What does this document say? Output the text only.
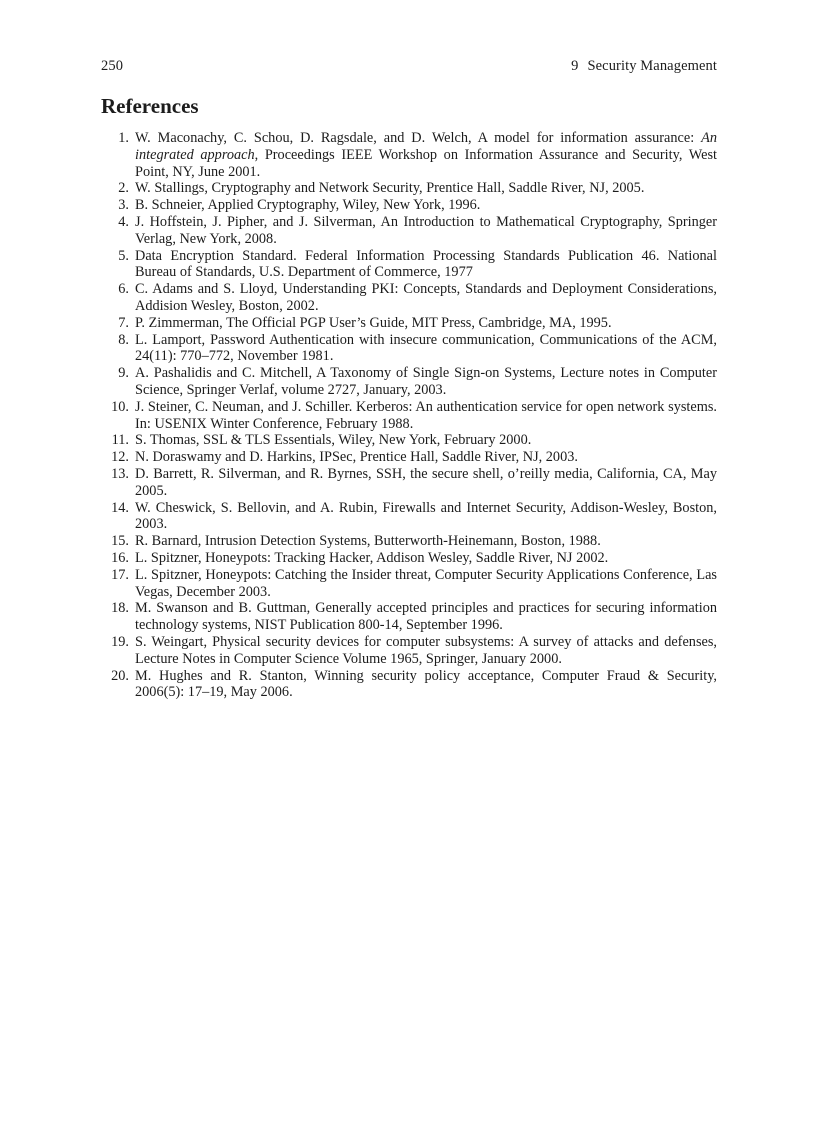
250	9 Security Management
References
1. W. Maconachy, C. Schou, D. Ragsdale, and D. Welch, A model for information assurance: An integrated approach, Proceedings IEEE Workshop on Information Assurance and Security, West Point, NY, June 2001.
2. W. Stallings, Cryptography and Network Security, Prentice Hall, Saddle River, NJ, 2005.
3. B. Schneier, Applied Cryptography, Wiley, New York, 1996.
4. J. Hoffstein, J. Pipher, and J. Silverman, An Introduction to Mathematical Cryptography, Springer Verlag, New York, 2008.
5. Data Encryption Standard. Federal Information Processing Standards Publication 46. National Bureau of Standards, U.S. Department of Commerce, 1977
6. C. Adams and S. Lloyd, Understanding PKI: Concepts, Standards and Deployment Considerations, Addision Wesley, Boston, 2002.
7. P. Zimmerman, The Official PGP User’s Guide, MIT Press, Cambridge, MA, 1995.
8. L. Lamport, Password Authentication with insecure communication, Communications of the ACM, 24(11): 770–772, November 1981.
9. A. Pashalidis and C. Mitchell, A Taxonomy of Single Sign-on Systems, Lecture notes in Computer Science, Springer Verlaf, volume 2727, January, 2003.
10. J. Steiner, C. Neuman, and J. Schiller. Kerberos: An authentication service for open network systems. In: USENIX Winter Conference, February 1988.
11. S. Thomas, SSL & TLS Essentials, Wiley, New York, February 2000.
12. N. Doraswamy and D. Harkins, IPSec, Prentice Hall, Saddle River, NJ, 2003.
13. D. Barrett, R. Silverman, and R. Byrnes, SSH, the secure shell, o’reilly media, California, CA, May 2005.
14. W. Cheswick, S. Bellovin, and A. Rubin, Firewalls and Internet Security, Addison-Wesley, Boston, 2003.
15. R. Barnard, Intrusion Detection Systems, Butterworth-Heinemann, Boston, 1988.
16. L. Spitzner, Honeypots: Tracking Hacker, Addison Wesley, Saddle River, NJ 2002.
17. L. Spitzner, Honeypots: Catching the Insider threat, Computer Security Applications Conference, Las Vegas, December 2003.
18. M. Swanson and B. Guttman, Generally accepted principles and practices for securing information technology systems, NIST Publication 800-14, September 1996.
19. S. Weingart, Physical security devices for computer subsystems: A survey of attacks and defenses, Lecture Notes in Computer Science Volume 1965, Springer, January 2000.
20. M. Hughes and R. Stanton, Winning security policy acceptance, Computer Fraud & Security, 2006(5): 17–19, May 2006.
